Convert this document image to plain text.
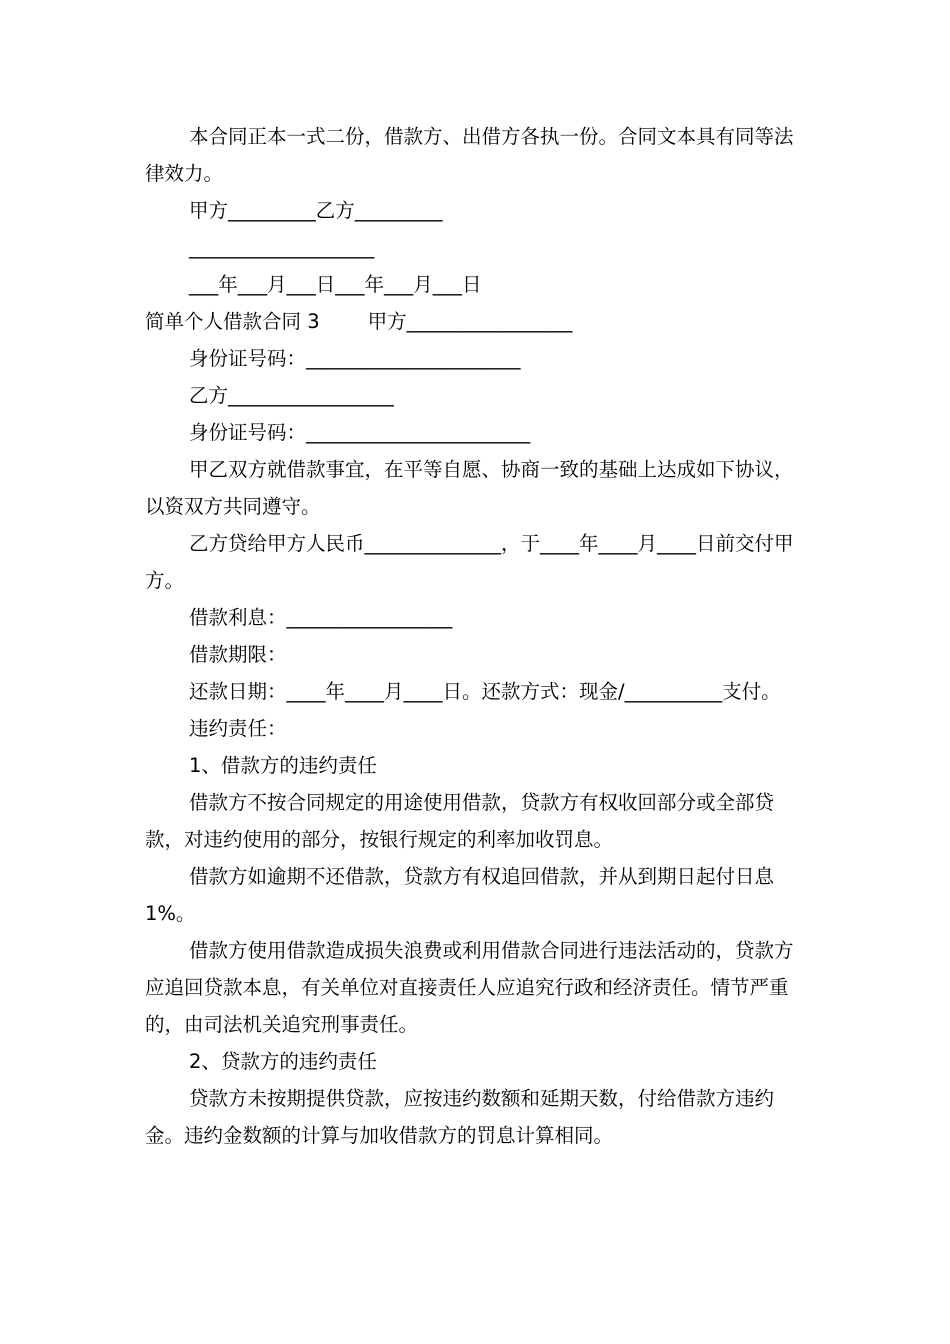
本合同正本一式二份，借款方、出借方各执一份。合同文本具有同等法律效力。

甲方_________乙方_________

___________________

___年___月___日___年___月___日

简单个人借款合同 3 甲方_________________

身份证号码：______________________

乙方_________________

身份证号码：_______________________

甲乙双方就借款事宜，在平等自愿、协商一致的基础上达成如下协议，以资双方共同遵守。

乙方贷给甲方人民币______________，于____年____月____日前交付甲方。

借款利息：_________________

借款期限：

还款日期：____年____月____日。还款方式：现金/__________支付。

违约责任：

1、借款方的违约责任

借款方不按合同规定的用途使用借款，贷款方有权收回部分或全部贷款，对违约使用的部分，按银行规定的利率加收罚息。

借款方如逾期不还借款，贷款方有权追回借款，并从到期日起付日息 1%。

借款方使用借款造成损失浪费或利用借款合同进行违法活动的，贷款方应追回贷款本息，有关单位对直接责任人应追究行政和经济责任。情节严重的，由司法机关追究刑事责任。

2、贷款方的违约责任

贷款方未按期提供贷款，应按违约数额和延期天数，付给借款方违约金。违约金数额的计算与加收借款方的罚息计算相同。
